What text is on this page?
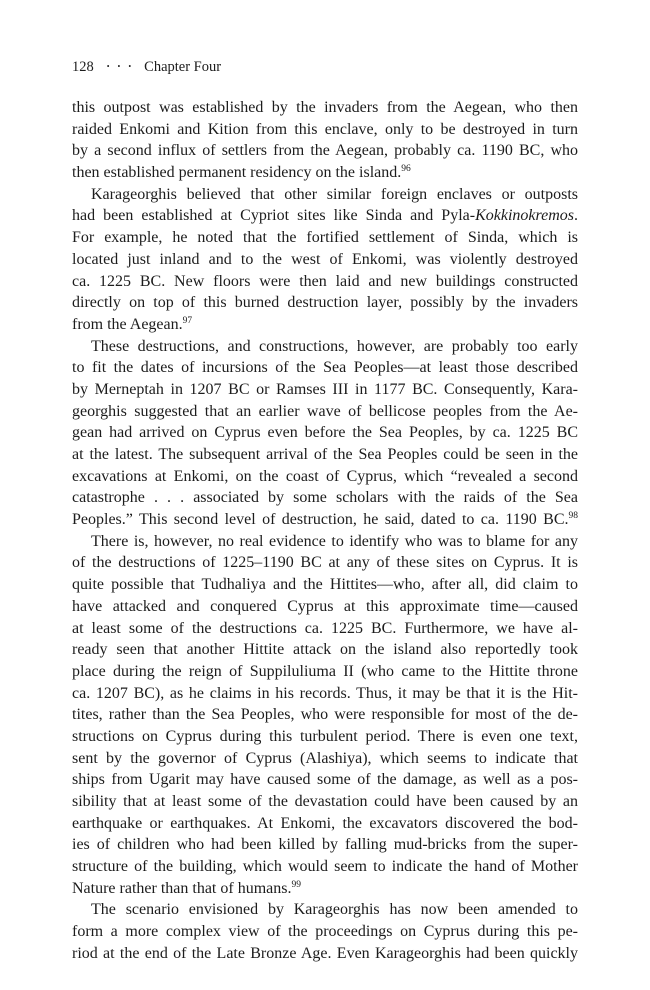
128 • • • Chapter Four
this outpost was established by the invaders from the Aegean, who then
raided Enkomi and Kition from this enclave, only to be destroyed in turn
by a second influx of settlers from the Aegean, probably ca. 1190 BC, who
then established permanent residency on the island.$^{96}$
Karageorghis believed that other similar foreign enclaves or outposts
had been established at Cypriot sites like Sinda and Pyla-Kokkinokremos.
For example, he noted that the fortified settlement of Sinda, which is
located just inland and to the west of Enkomi, was violently destroyed
ca. 1225 BC. New floors were then laid and new buildings constructed
directly on top of this burned destruction layer, possibly by the invaders
from the Aegean.$^{97}$
These destructions, and constructions, however, are probably too early
to fit the dates of incursions of the Sea Peoples—at least those described
by Merneptah in 1207 BC or Ramses III in 1177 BC. Consequently, Kara-
georghis suggested that an earlier wave of bellicose peoples from the Ae-
gean had arrived on Cyprus even before the Sea Peoples, by ca. 1225 BC
at the latest. The subsequent arrival of the Sea Peoples could be seen in the
excavations at Enkomi, on the coast of Cyprus, which “revealed a second
catastrophe . . . associated by some scholars with the raids of the Sea
Peoples.” This second level of destruction, he said, dated to ca. 1190 BC.$^{98}$
There is, however, no real evidence to identify who was to blame for any
of the destructions of 1225–1190 BC at any of these sites on Cyprus. It is
quite possible that Tudhaliya and the Hittites—who, after all, did claim to
have attacked and conquered Cyprus at this approximate time—caused
at least some of the destructions ca. 1225 BC. Furthermore, we have al-
ready seen that another Hittite attack on the island also reportedly took
place during the reign of Suppiluliuma II (who came to the Hittite throne
ca. 1207 BC), as he claims in his records. Thus, it may be that it is the Hit-
tites, rather than the Sea Peoples, who were responsible for most of the de-
structions on Cyprus during this turbulent period. There is even one text,
sent by the governor of Cyprus (Alashiya), which seems to indicate that
ships from Ugarit may have caused some of the damage, as well as a pos-
sibility that at least some of the devastation could have been caused by an
earthquake or earthquakes. At Enkomi, the excavators discovered the bod-
ies of children who had been killed by falling mud-bricks from the super-
structure of the building, which would seem to indicate the hand of Mother
Nature rather than that of humans.$^{99}$
The scenario envisioned by Karageorghis has now been amended to
form a more complex view of the proceedings on Cyprus during this pe-
riod at the end of the Late Bronze Age. Even Karageorghis had been quickly
